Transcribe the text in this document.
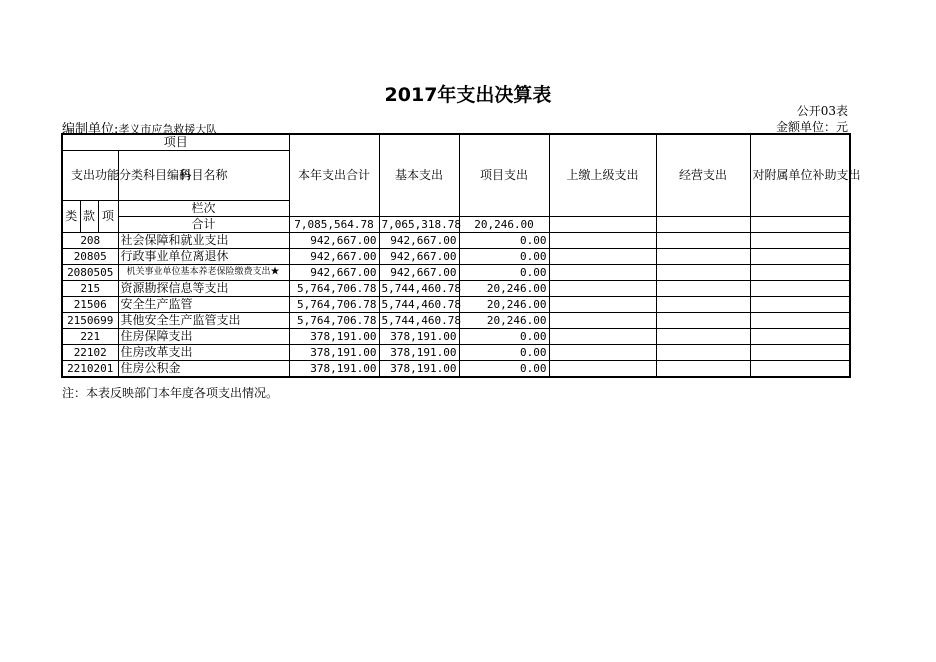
2017年支出决算表
公开03表
编制单位:孝义市应急救援大队	金额单位：元
项目				本年支出合计	基本支出	项目支出	上缴上级支出	经营支出	对附属单位补助支出
支出功能分类科目编码			科目名称						

类	款	项	栏次						
			合计	7,085,564.78	7,065,318.78	20,246.00			
208			社会保障和就业支出	942,667.00	942,667.00	0.00			
20805			行政事业单位离退休	942,667.00	942,667.00	0.00			
2080505			机关事业单位基本养老保险缴费支出★	942,667.00	942,667.00	0.00			
215			资源勘探信息等支出	5,764,706.78	5,744,460.78	20,246.00			
21506			安全生产监管	5,764,706.78	5,744,460.78	20,246.00			
2150699			其他安全生产监管支出	5,764,706.78	5,744,460.78	20,246.00			
221			住房保障支出	378,191.00	378,191.00	0.00			
22102			住房改革支出	378,191.00	378,191.00	0.00			
2210201			住房公积金	378,191.00	378,191.00	0.00			
注：本表反映部门本年度各项支出情况。
